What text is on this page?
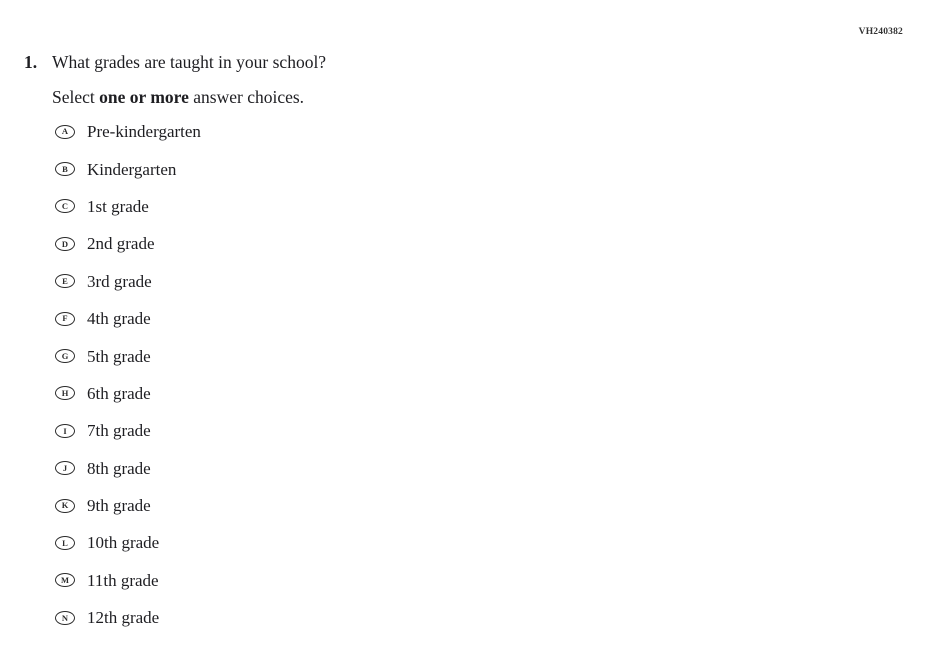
VH240382
1. What grades are taught in your school?
Select one or more answer choices.
A	Pre-kindergarten
B	Kindergarten
C	1st grade
D	2nd grade
E	3rd grade
F	4th grade
G	5th grade
H	6th grade
I	7th grade
J	8th grade
K	9th grade
L	10th grade
M	11th grade
N	12th grade
